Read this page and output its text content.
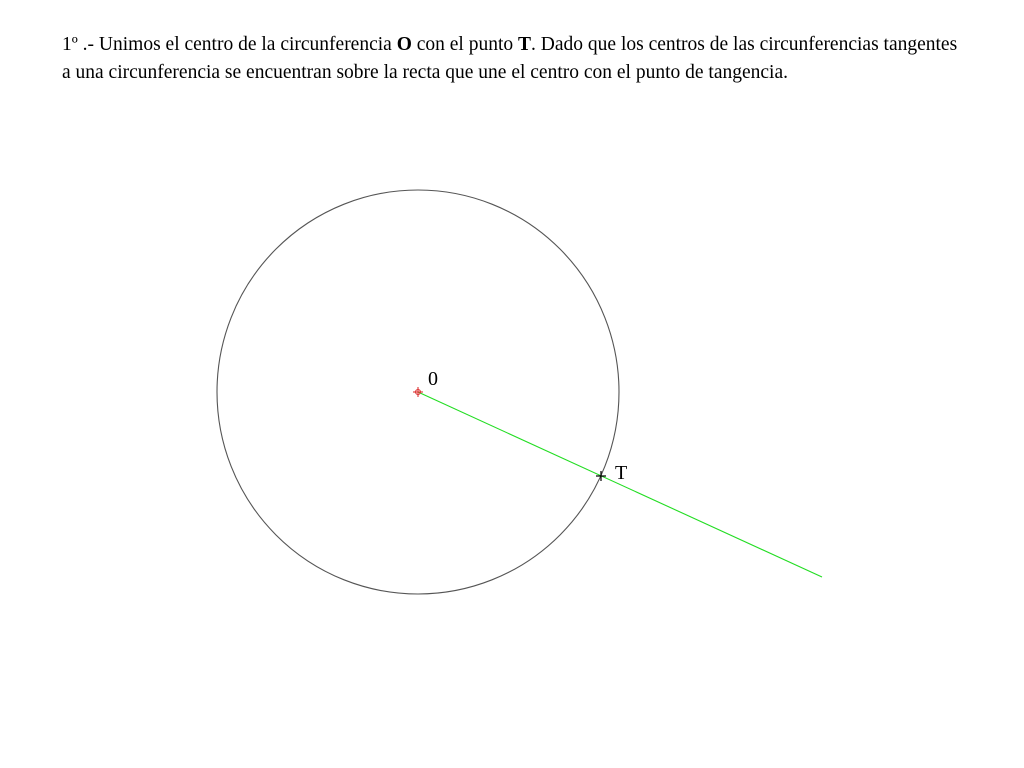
1º .- Unimos el centro de la circunferencia O con el punto T. Dado que los centros de las circunferencias tangentes a una circunferencia se encuentran sobre la recta que une el centro con el punto de tangencia.

0
T
